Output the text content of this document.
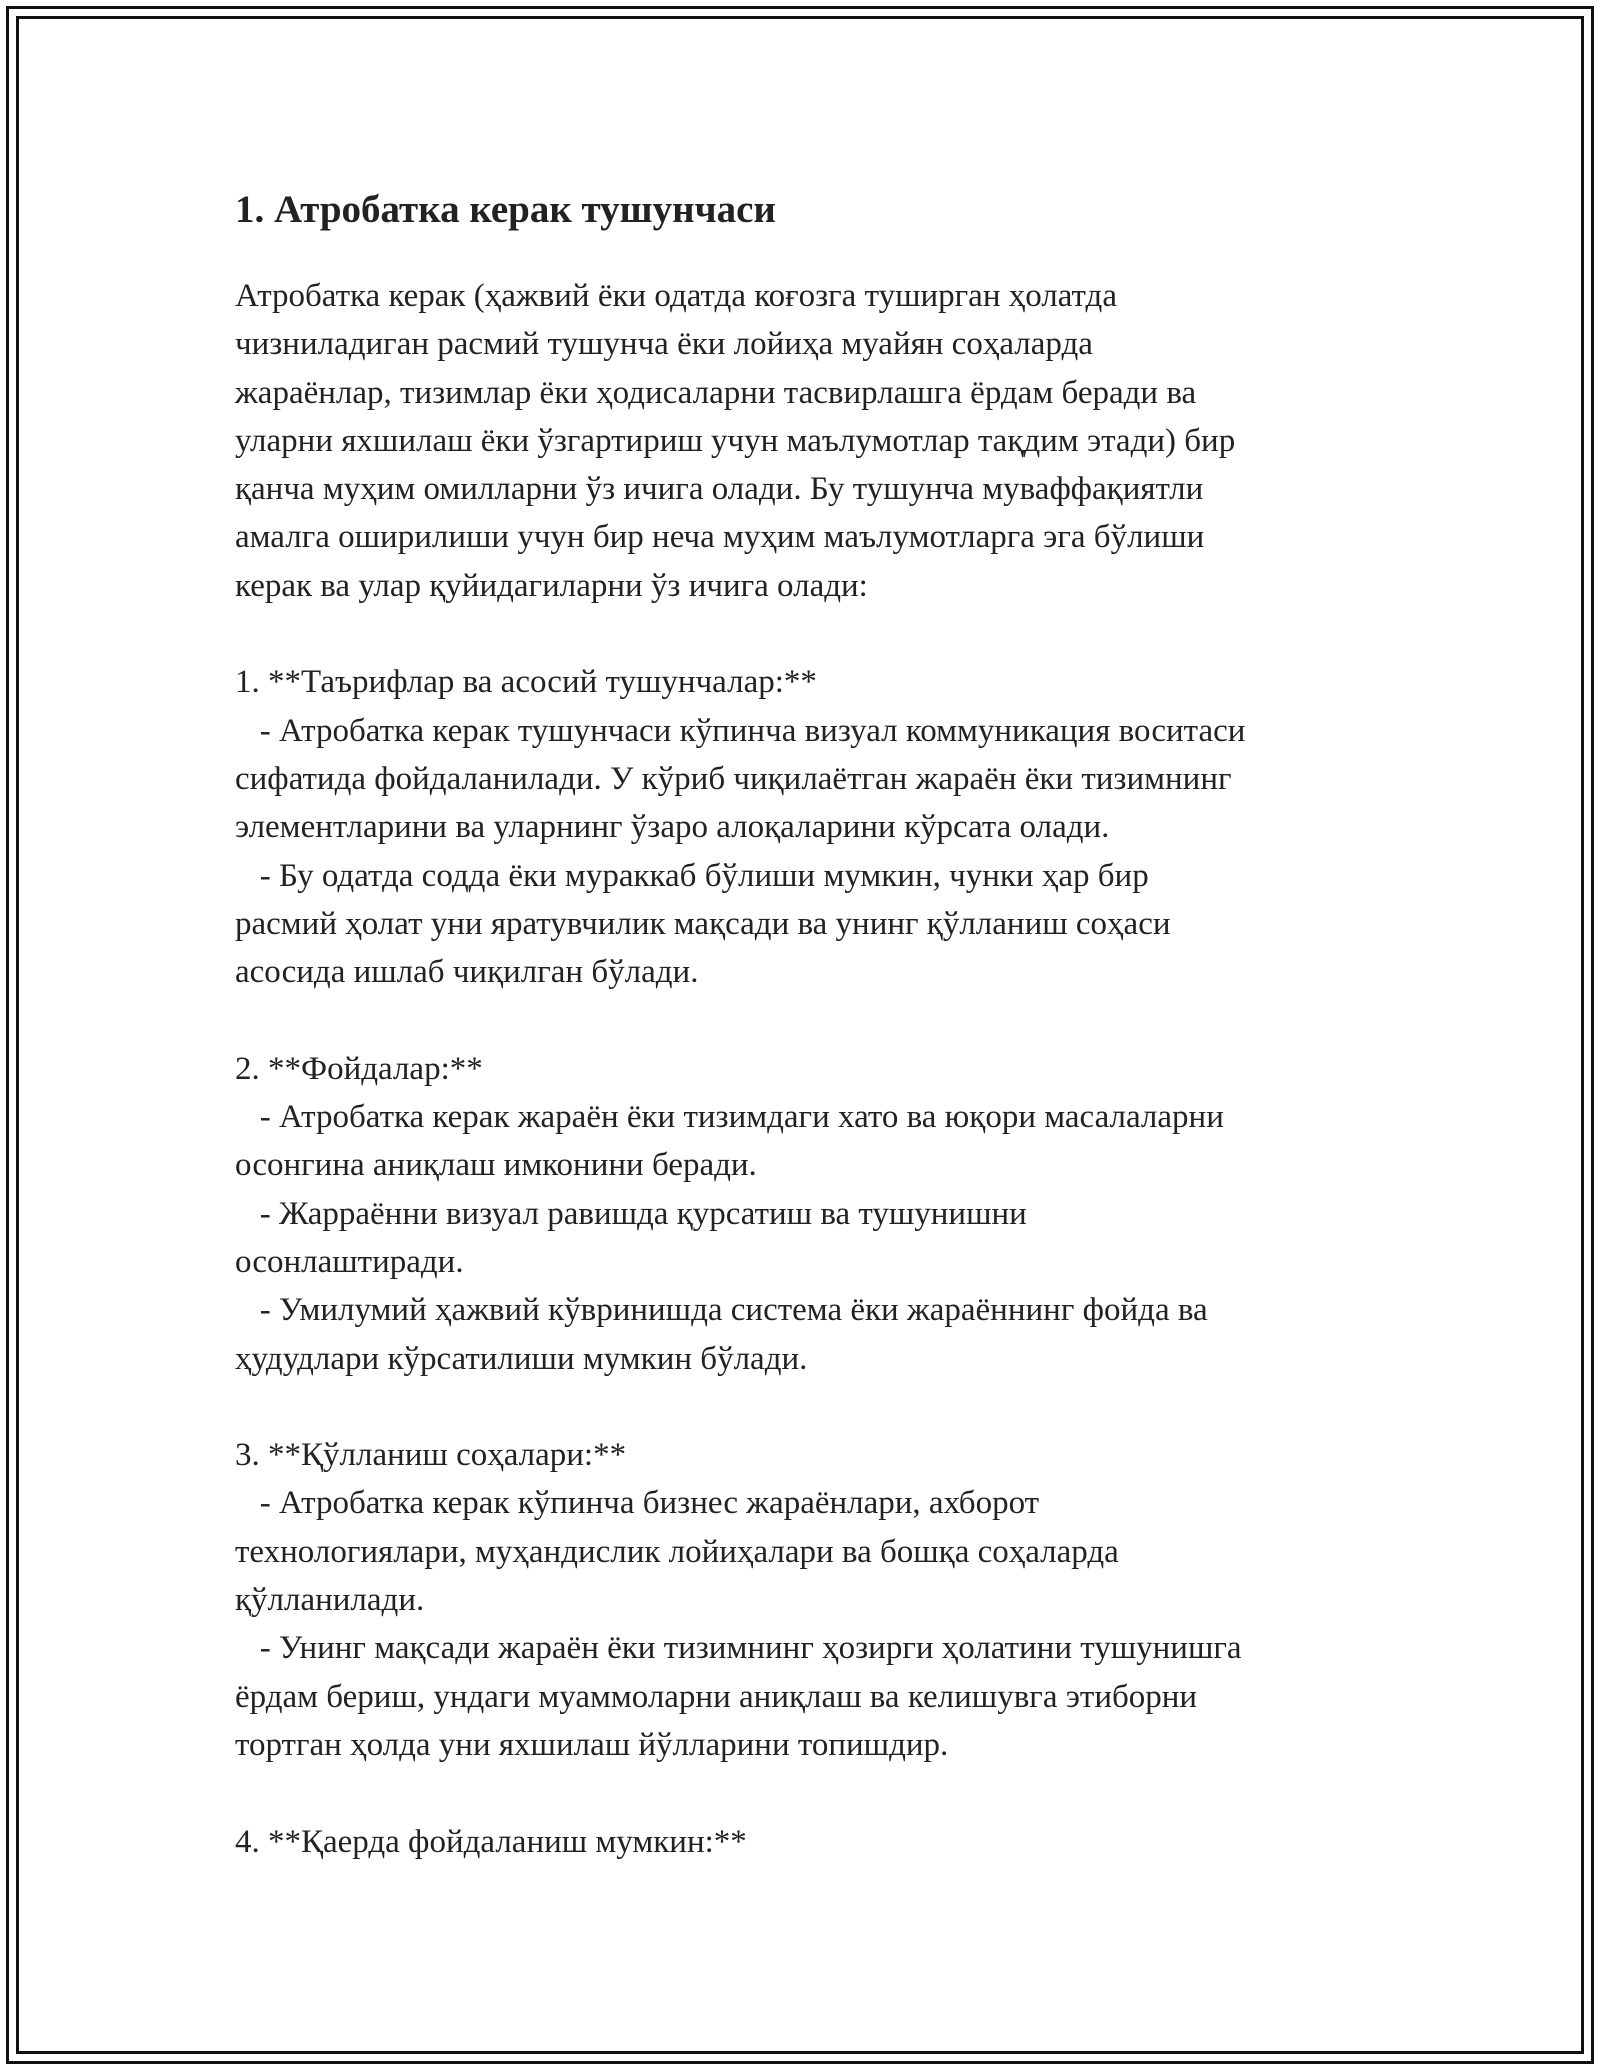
1. Атробатка керак тушунчаси

Атробатка керак (ҳажвий ёки одатда коғозга туширган ҳолатда
чизниладиган расмий тушунча ёки лойиҳа муайян соҳаларда
жараёнлар, тизимлар ёки ҳодисаларни тасвирлашга ёрдам беради ва
уларни яхшилаш ёки ўзгартириш учун маълумотлар тақдим этади) бир
қанча муҳим омилларни ўз ичига олади. Бу тушунча муваффақиятли
амалга оширилиши учун бир неча муҳим маълумотларга эга бўлиши
керак ва улар қуйидагиларни ўз ичига олади:

1. **Таърифлар ва асосий тушунчалар:**
- Атробатка керак тушунчаси кўпинча визуал коммуникация воситаси
сифатида фойдаланилади. У кўриб чиқилаётган жараён ёки тизимнинг
элементларини ва уларнинг ўзаро алоқаларини кўрсата олади.
- Бу одатда содда ёки мураккаб бўлиши мумкин, чунки ҳар бир
расмий ҳолат уни яратувчилик мақсади ва унинг қўлланиш соҳаси
асосида ишлаб чиқилган бўлади.

2. **Фойдалар:**
- Атробатка керак жараён ёки тизимдаги хато ва юқори масалаларни
осонгина аниқлаш имконини беради.
- Жарраённи визуал равишда қурсатиш ва тушунишни
осонлаштиради.
- Умилумий ҳажвий кўвринишда система ёки жараённинг фойда ва
ҳудудлари кўрсатилиши мумкин бўлади.

3. **Қўлланиш соҳалари:**
- Атробатка керак кўпинча бизнес жараёнлари, ахборот
технологиялари, муҳандислик лойиҳалари ва бошқа соҳаларда
қўлланилади.
- Унинг мақсади жараён ёки тизимнинг ҳозирги ҳолатини тушунишга
ёрдам бериш, ундаги муаммоларни аниқлаш ва келишувга этиборни
тортган ҳолда уни яхшилаш йўлларини топишдир.

4. **Қаерда фойдаланиш мумкин:**
